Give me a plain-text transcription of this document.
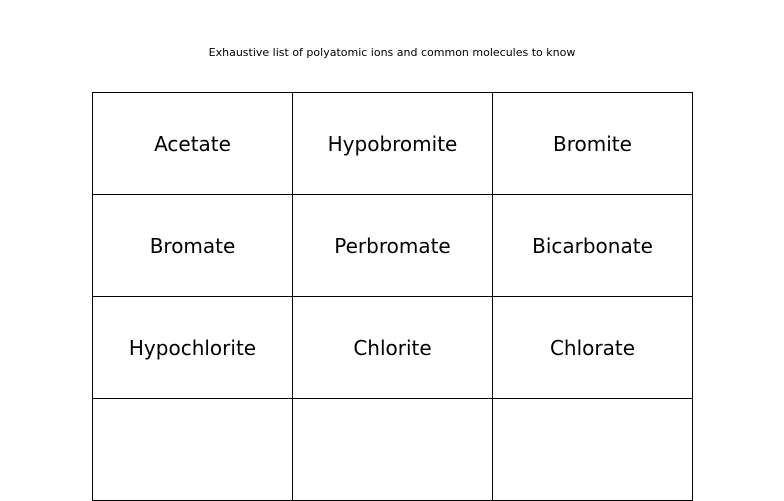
Exhaustive list of polyatomic ions and common molecules to know
Acetate	Hypobromite	Bromite
Bromate	Perbromate	Bicarbonate
Hypochlorite	Chlorite	Chlorate
